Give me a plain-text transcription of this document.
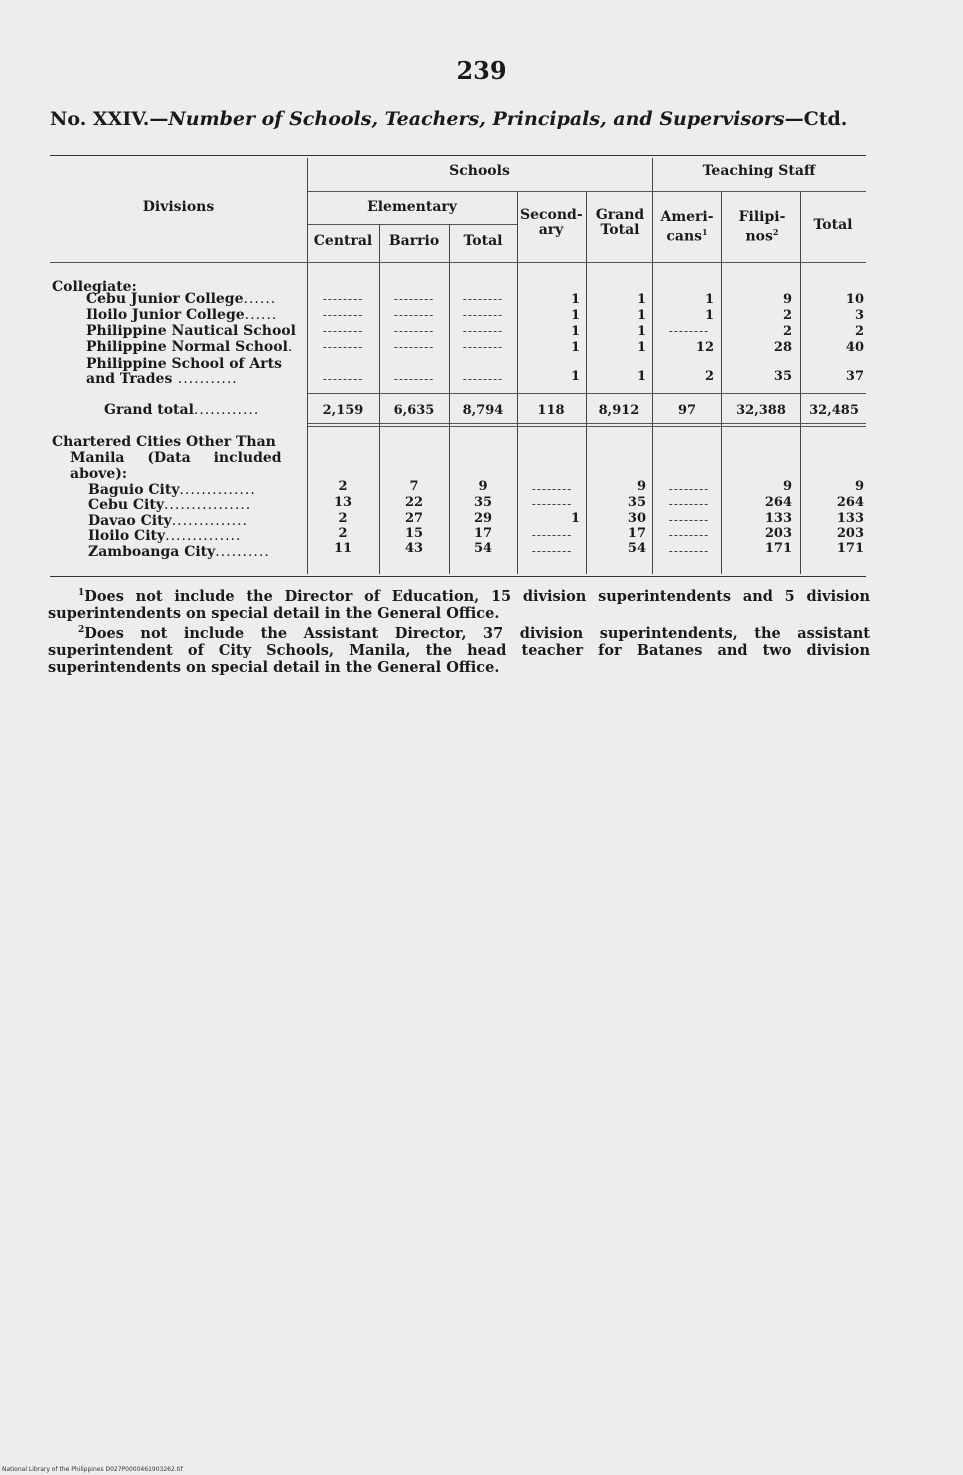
239
No. XXIV.—Number of Schools, Teachers, Principals, and Supervisors—Ctd.
Divisions
Schools
Elementary
Central	Barrio	Total
Second- ary
Grand Total
Teaching Staff
Ameri- cans$^1$
Filipi- nos$^2$	Total
Collegiate:
Cebu Junior College......	--------	--------	--------	1	1	1	9	10
Iloilo Junior College......	--------	--------	--------	1	1	1	2	3
Philippine Nautical School	--------	--------	--------	1	1	--------	2	2
Philippine Normal School.	--------	--------	--------	1	1	12	28	40
Philippine School of Arts and Trades ...........	--------	--------	--------	1	1	2	35	37
Grand total............	2,159	6,635	8,794	118	8,912	97	32,388	32,485
Chartered Cities Other Than
Manila (Data included
above):
Baguio City..............	2	7	9	--------	9	--------	9	9
Cebu City................	13	22	35	--------	35	--------	264	264
Davao City..............	2	27	29	1	30	--------	133	133
Iloilo City..............	2	15	17	--------	17	--------	203	203
Zamboanga City..........	11	43	54	--------	54	--------	171	171

$^1$Does not include the Director of Education, 15 division superintendents and 5 division superintendents on special detail in the General Office.

$^2$Does not include the Assistant Director, 37 division superintendents, the assistant superintendent of City Schools, Manila, the head teacher for Batanes and two division superintendents on special detail in the General Office.

National Library of the Philippines D027P0000461903262.tif
